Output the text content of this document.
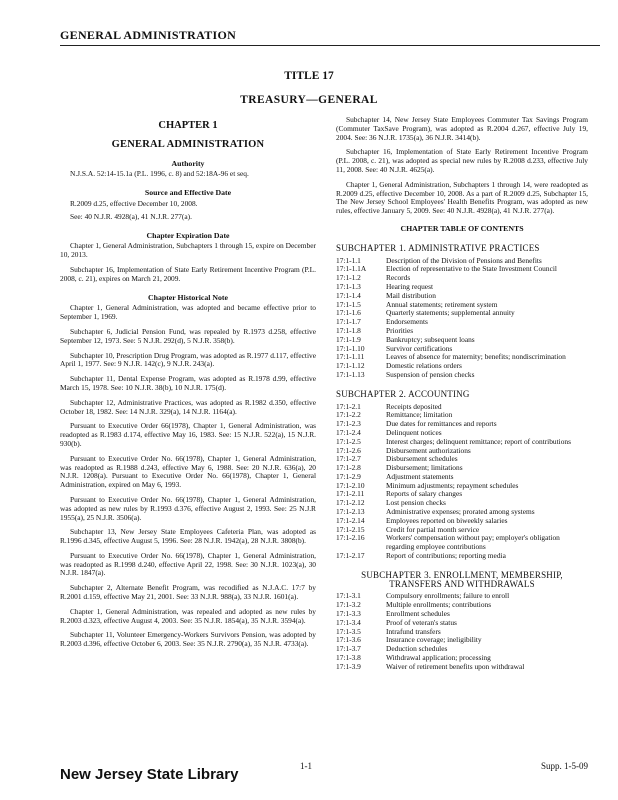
GENERAL ADMINISTRATION
TITLE 17
TREASURY—GENERAL
CHAPTER 1
GENERAL ADMINISTRATION
Authority
N.J.S.A. 52:14-15.1a (P.L. 1996, c. 8) and 52:18A-96 et seq.
Source and Effective Date
R.2009 d.25, effective December 10, 2008.
See: 40 N.J.R. 4928(a), 41 N.J.R. 277(a).
Chapter Expiration Date

Chapter 1, General Administration, Subchapters 1 through 15, expire on December 10, 2013.

Subchapter 16, Implementation of State Early Retirement Incentive Program (P.L. 2008, c. 21), expires on March 21, 2009.

Chapter Historical Note

Chapter 1, General Administration, was adopted and became effective prior to September 1, 1969.

Subchapter 6, Judicial Pension Fund, was repealed by R.1973 d.258, effective September 12, 1973. See: 5 N.J.R. 292(d), 5 N.J.R. 358(b).

Subchapter 10, Prescription Drug Program, was adopted as R.1977 d.117, effective April 1, 1977. See: 9 N.J.R. 142(c), 9 N.J.R. 243(a).

Subchapter 11, Dental Expense Program, was adopted as R.1978 d.99, effective March 15, 1978. See: 10 N.J.R. 38(b), 10 N.J.R. 175(d).

Subchapter 12, Administrative Practices, was adopted as R.1982 d.350, effective October 18, 1982. See: 14 N.J.R. 329(a), 14 N.J.R. 1164(a).

Pursuant to Executive Order 66(1978), Chapter 1, General Administration, was readopted as R.1983 d.174, effective May 16, 1983. See: 15 N.J.R. 522(a), 15 N.J.R. 930(b).

Pursuant to Executive Order No. 66(1978), Chapter 1, General Administration, was readopted as R.1988 d.243, effective May 6, 1988. See: 20 N.J.R. 636(a), 20 N.J.R. 1208(a). Pursuant to Executive Order No. 66(1978), Chapter 1, General Administration, expired on May 6, 1993.

Pursuant to Executive Order No. 66(1978), Chapter 1, General Administration, was adopted as new rules by R.1993 d.376, effective August 2, 1993. See: 25 N.J.R 1955(a), 25 N.J.R. 3506(a).

Subchapter 13, New Jersey State Employees Cafeteria Plan, was adopted as R.1996 d.345, effective August 5, 1996. See: 28 N.J.R. 1942(a), 28 N.J.R. 3808(b).

Pursuant to Executive Order No. 66(1978), Chapter 1, General Administration, was readopted as R.1998 d.240, effective April 22, 1998. See: 30 N.J.R. 1023(a), 30 N.J.R. 1847(a).

Subchapter 2, Alternate Benefit Program, was recodified as N.J.A.C. 17:7 by R.2001 d.159, effective May 21, 2001. See: 33 N.J.R. 988(a), 33 N.J.R. 1601(a).

Chapter 1, General Administration, was repealed and adopted as new rules by R.2003 d.323, effective August 4, 2003. See: 35 N.J.R. 1854(a), 35 N.J.R. 3594(a).

Subchapter 11, Volunteer Emergency-Workers Survivors Pension, was adopted by R.2003 d.396, effective October 6, 2003. See: 35 N.J.R. 2790(a), 35 N.J.R. 4733(a).

Subchapter 14, New Jersey State Employees Commuter Tax Savings Program (Commuter TaxSave Program), was adopted as R.2004 d.267, effective July 19, 2004. See: 36 N.J.R. 1735(a), 36 N.J.R. 3414(b).

Subchapter 16, Implementation of State Early Retirement Incentive Program (P.L. 2008, c. 21), was adopted as special new rules by R.2008 d.233, effective July 11, 2008. See: 40 N.J.R. 4625(a).

Chapter 1, General Administration, Subchapters 1 through 14, were readopted as R.2009 d.25, effective December 10, 2008. As a part of R.2009 d.25, Subchapter 15, The New Jersey School Employees' Health Benefits Program, was adopted as new rules, effective January 5, 2009. See: 40 N.J.R. 4928(a), 41 N.J.R. 277(a).

CHAPTER TABLE OF CONTENTS
SUBCHAPTER 1. ADMINISTRATIVE PRACTICES
17:1-1.1	Description of the Division of Pensions and Benefits
17:1-1.1A	Election of representative to the State Investment Council
17:1-1.2	Records
17:1-1.3	Hearing request
17:1-1.4	Mail distribution
17:1-1.5	Annual statements; retirement system
17:1-1.6	Quarterly statements; supplemental annuity
17:1-1.7	Endorsements
17:1-1.8	Priorities
17:1-1.9	Bankruptcy; subsequent loans
17:1-1.10	Survivor certifications
17:1-1.11	Leaves of absence for maternity; benefits; nondiscrimination
17:1-1.12	Domestic relations orders
17:1-1.13	Suspension of pension checks
SUBCHAPTER 2. ACCOUNTING
17:1-2.1	Receipts deposited
17:1-2.2	Remittance; limitation
17:1-2.3	Due dates for remittances and reports
17:1-2.4	Delinquent notices
17:1-2.5	Interest charges; delinquent remittance; report of contributions
17:1-2.6	Disbursement authorizations
17:1-2.7	Disbursement schedules
17:1-2.8	Disbursement; limitations
17:1-2.9	Adjustment statements
17:1-2.10	Minimum adjustments; repayment schedules
17:1-2.11	Reports of salary changes
17:1-2.12	Lost pension checks
17:1-2.13	Administrative expenses; prorated among systems
17:1-2.14	Employees reported on biweekly salaries
17:1-2.15	Credit for partial month service
17:1-2.16	Workers' compensation without pay; employer's obligation regarding employee contributions
17:1-2.17	Report of contributions; reporting media
SUBCHAPTER 3. ENROLLMENT, MEMBERSHIP,
TRANSFERS AND WITHDRAWALS
17:1-3.1	Compulsory enrollments; failure to enroll
17:1-3.2	Multiple enrollments; contributions
17:1-3.3	Enrollment schedules
17:1-3.4	Proof of veteran's status
17:1-3.5	Intrafund transfers
17:1-3.6	Insurance coverage; ineligibility
17:1-3.7	Deduction schedules
17:1-3.8	Withdrawal application; processing
17:1-3.9	Waiver of retirement benefits upon withdrawal
New Jersey State Library	1-1	Supp. 1-5-09
